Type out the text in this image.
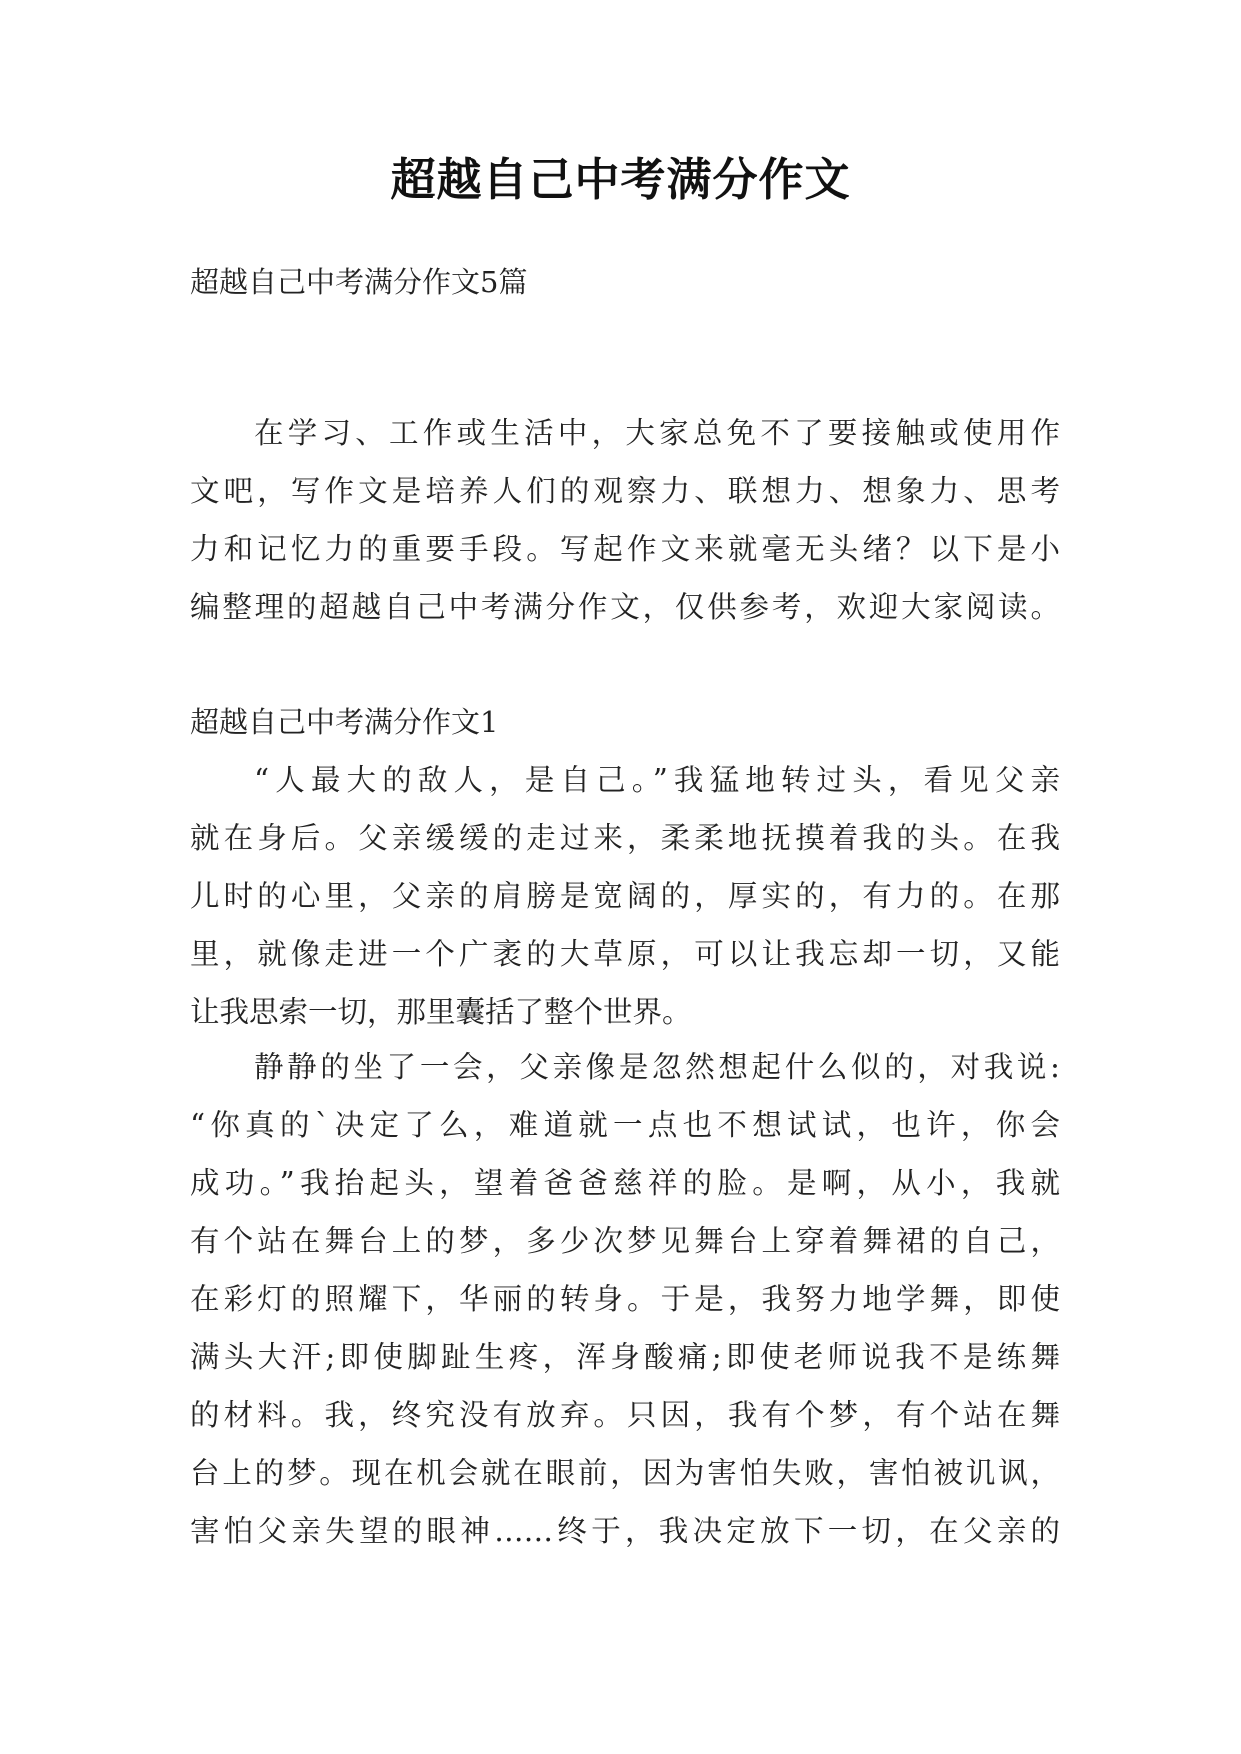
超越自己中考满分作文
超越自己中考满分作文5篇
在学习、工作或生活中，大家总免不了要接触或使用作
文吧，写作文是培养人们的观察力、联想力、想象力、思考
力和记忆力的重要手段。写起作文来就毫无头绪？以下是小
编整理的超越自己中考满分作文，仅供参考，欢迎大家阅读。
超越自己中考满分作文1
“人最大的敌人，是自己。”我猛地转过头，看见父亲
就在身后。父亲缓缓的走过来，柔柔地抚摸着我的头。在我
儿时的心里，父亲的肩膀是宽阔的，厚实的，有力的。在那
里，就像走进一个广袤的大草原，可以让我忘却一切，又能
让我思索一切，那里囊括了整个世界。
静静的坐了一会，父亲像是忽然想起什么似的，对我说:
“你真的`决定了么，难道就一点也不想试试，也许，你会
成功。”我抬起头，望着爸爸慈祥的脸。是啊，从小，我就
有个站在舞台上的梦，多少次梦见舞台上穿着舞裙的自己，
在彩灯的照耀下，华丽的转身。于是，我努力地学舞，即使
满头大汗;即使脚趾生疼，浑身酸痛;即使老师说我不是练舞
的材料。我，终究没有放弃。只因，我有个梦，有个站在舞
台上的梦。现在机会就在眼前，因为害怕失败，害怕被讥讽，
害怕父亲失望的眼神……终于，我决定放下一切，在父亲的
